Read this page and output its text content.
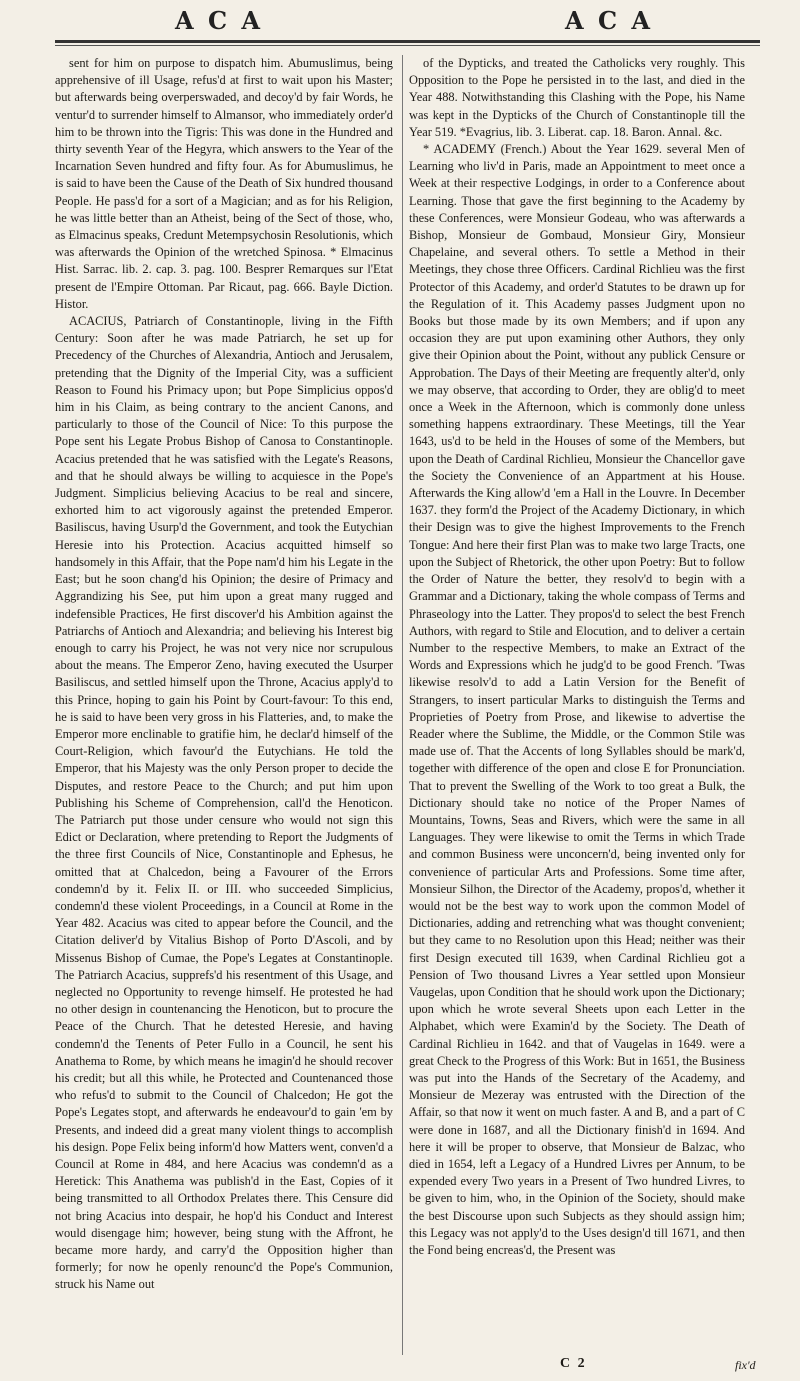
A C A	A C A

sent for him on purpose to dispatch him. Abumuslimus, being apprehensive of ill Usage, refus'd at first to wait upon his Master; but afterwards being overperswaded, and decoy'd by fair Words, he ventur'd to surrender himself to Almansor, who immediately order'd him to be thrown into the Tigris: This was done in the Hundred and thirty seventh Year of the Hegyra, which answers to the Year of the Incarnation Seven hundred and fifty four. As for Abumuslimus, he is said to have been the Cause of the Death of Six hundred thousand People. He pass'd for a sort of a Magician; and as for his Religion, he was little better than an Atheist, being of the Sect of those, who, as Elmacinus speaks, Credunt Metempsychosin Resolutionis, which was afterwards the Opinion of the wretched Spinosa. * Elmacinus Hist. Sarrac. lib. 2. cap. 3. pag. 100. Besprer Remarques sur l'Etat present de l'Empire Ottoman. Par Ricaut, pag. 666. Bayle Diction. Histor.

ACACIUS, Patriarch of Constantinople, living in the Fifth Century: Soon after he was made Patriarch, he set up for Precedency of the Churches of Alexandria, Antioch and Jerusalem, pretending that the Dignity of the Imperial City, was a sufficient Reason to Found his Primacy upon; but Pope Simplicius oppos'd him in his Claim, as being contrary to the ancient Canons, and particularly to those of the Council of Nice: To this purpose the Pope sent his Legate Probus Bishop of Canosa to Constantinople. Acacius pretended that he was satisfied with the Legate's Reasons, and that he should always be willing to acquiesce in the Pope's Judgment. Simplicius believing Acacius to be real and sincere, exhorted him to act vigorously against the pretended Emperor. Basiliscus, having Usurp'd the Government, and took the Eutychian Heresie into his Protection. Acacius acquitted himself so handsomely in this Affair, that the Pope nam'd him his Legate in the East; but he soon chang'd his Opinion; the desire of Primacy and Aggrandizing his See, put him upon a great many rugged and indefensible Practices, He first discover'd his Ambition against the Patriarchs of Antioch and Alexandria; and believing his Interest big enough to carry his Project, he was not very nice nor scrupulous about the means. The Emperor Zeno, having executed the Usurper Basiliscus, and settled himself upon the Throne, Acacius apply'd to this Prince, hoping to gain his Point by Court-favour: To this end, he is said to have been very gross in his Flatteries, and, to make the Emperor more enclinable to gratifie him, he declar'd himself of the Court-Religion, which favour'd the Eutychians. He told the Emperor, that his Majesty was the only Person proper to decide the Disputes, and restore Peace to the Church; and put him upon Publishing his Scheme of Comprehension, call'd the Henoticon. The Patriarch put those under censure who would not sign this Edict or Declaration, where pretending to Report the Judgments of the three first Councils of Nice, Constantinople and Ephesus, he omitted that at Chalcedon, being a Favourer of the Errors condemn'd by it. Felix II. or III. who succeeded Simplicius, condemn'd these violent Proceedings, in a Council at Rome in the Year 482. Acacius was cited to appear before the Council, and the Citation deliver'd by Vitalius Bishop of Porto D'Ascoli, and by Missenus Bishop of Cumae, the Pope's Legates at Constantinople. The Patriarch Acacius, supprefs'd his resentment of this Usage, and neglected no Opportunity to revenge himself. He protested he had no other design in countenancing the Henoticon, but to procure the Peace of the Church. That he detested Heresie, and having condemn'd the Tenents of Peter Fullo in a Council, he sent his Anathema to Rome, by which means he imagin'd he should recover his credit; but all this while, he Protected and Countenanced those who refus'd to submit to the Council of Chalcedon; He got the Pope's Legates stopt, and afterwards he endeavour'd to gain 'em by Presents, and indeed did a great many violent things to accomplish his design. Pope Felix being inform'd how Matters went, conven'd a Council at Rome in 484, and here Acacius was condemn'd as a Heretick: This Anathema was publish'd in the East, Copies of it being transmitted to all Orthodox Prelates there. This Censure did not bring Acacius into despair, he hop'd his Conduct and Interest would disengage him; however, being stung with the Affront, he became more hardy, and carry'd the Opposition higher than formerly; for now he openly renounc'd the Pope's Communion, struck his Name out

of the Dypticks, and treated the Catholicks very roughly. This Opposition to the Pope he persisted in to the last, and died in the Year 488. Notwithstanding this Clashing with the Pope, his Name was kept in the Dypticks of the Church of Constantinople till the Year 519. *Evagrius, lib. 3. Liberat. cap. 18. Baron. Annal. &c.

* ACADEMY (French.) About the Year 1629. several Men of Learning who liv'd in Paris, made an Appointment to meet once a Week at their respective Lodgings, in order to a Conference about Learning. Those that gave the first beginning to the Academy by these Conferences, were Monsieur Godeau, who was afterwards a Bishop, Monsieur de Gombaud, Monsieur Giry, Monsieur Chapelaine, and several others. To settle a Method in their Meetings, they chose three Officers. Cardinal Richlieu was the first Protector of this Academy, and order'd Statutes to be drawn up for the Regulation of it. This Academy passes Judgment upon no Books but those made by its own Members; and if upon any occasion they are put upon examining other Authors, they only give their Opinion about the Point, without any publick Censure or Approbation. The Days of their Meeting are frequently alter'd, only we may observe, that according to Order, they are oblig'd to meet once a Week in the Afternoon, which is commonly done unless something happens extraordinary. These Meetings, till the Year 1643, us'd to be held in the Houses of some of the Members, but upon the Death of Cardinal Richlieu, Monsieur the Chancellor gave the Society the Convenience of an Appartment at his House. Afterwards the King allow'd 'em a Hall in the Louvre. In December 1637. they form'd the Project of the Academy Dictionary, in which their Design was to give the highest Improvements to the French Tongue: And here their first Plan was to make two large Tracts, one upon the Subject of Rhetorick, the other upon Poetry: But to follow the Order of Nature the better, they resolv'd to begin with a Grammar and a Dictionary, taking the whole compass of Terms and Phraseology into the Latter. They propos'd to select the best French Authors, with regard to Stile and Elocution, and to deliver a certain Number to the respective Members, to make an Extract of the Words and Expressions which he judg'd to be good French. 'Twas likewise resolv'd to add a Latin Version for the Benefit of Strangers, to insert particular Marks to distinguish the Terms and Proprieties of Poetry from Prose, and likewise to advertise the Reader where the Sublime, the Middle, or the Common Stile was made use of. That the Accents of long Syllables should be mark'd, together with difference of the open and close E for Pronunciation. That to prevent the Swelling of the Work to too great a Bulk, the Dictionary should take no notice of the Proper Names of Mountains, Towns, Seas and Rivers, which were the same in all Languages. They were likewise to omit the Terms in which Trade and common Business were unconcern'd, being invented only for convenience of particular Arts and Professions. Some time after, Monsieur Silhon, the Director of the Academy, propos'd, whether it would not be the best way to work upon the common Model of Dictionaries, adding and retrenching what was thought convenient; but they came to no Resolution upon this Head; neither was their first Design executed till 1639, when Cardinal Richlieu got a Pension of Two thousand Livres a Year settled upon Monsieur Vaugelas, upon Condition that he should work upon the Dictionary; upon which he wrote several Sheets upon each Letter in the Alphabet, which were Examin'd by the Society. The Death of Cardinal Richlieu in 1642. and that of Vaugelas in 1649. were a great Check to the Progress of this Work: But in 1651, the Business was put into the Hands of the Secretary of the Academy, and Monsieur de Mezeray was entrusted with the Direction of the Affair, so that now it went on much faster. A and B, and a part of C were done in 1687, and all the Dictionary finish'd in 1694. And here it will be proper to observe, that Monsieur de Balzac, who died in 1654, left a Legacy of a Hundred Livres per Annum, to be expended every Two years in a Present of Two hundred Livres, to be given to him, who, in the Opinion of the Society, should make the best Discourse upon such Subjects as they should assign him; this Legacy was not apply'd to the Uses design'd till 1671, and then the Fond being encreas'd, the Present was

C 2	fix'd
